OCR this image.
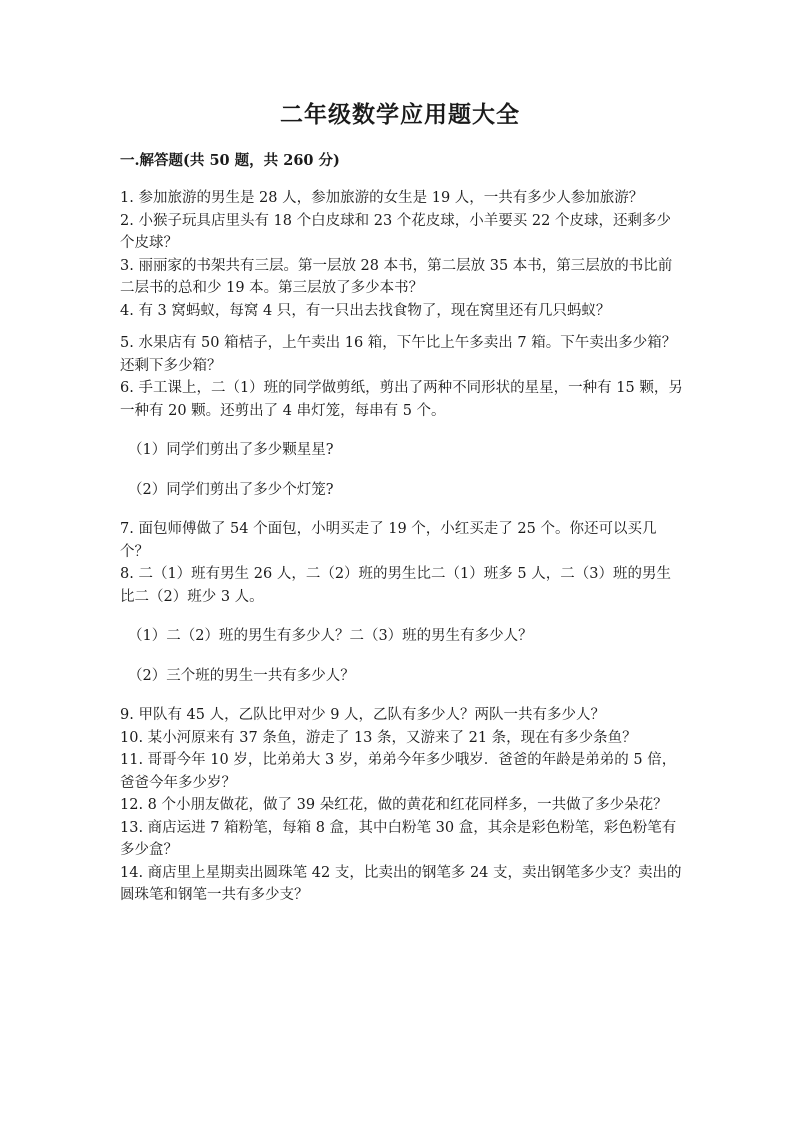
二年级数学应用题大全
一.解答题(共 50 题，共 260 分)

1. 参加旅游的男生是 28 人，参加旅游的女生是 19 人，一共有多少人参加旅游？

2. 小猴子玩具店里头有 18 个白皮球和 23 个花皮球，小羊要买 22 个皮球，还剩多少个皮球？

3. 丽丽家的书架共有三层。第一层放 28 本书，第二层放 35 本书，第三层放的书比前二层书的总和少 19 本。第三层放了多少本书？

4. 有 3 窝蚂蚁，每窝 4 只，有一只出去找食物了，现在窝里还有几只蚂蚁？

5. 水果店有 50 箱桔子，上午卖出 16 箱，下午比上午多卖出 7 箱。下午卖出多少箱？还剩下多少箱？

6. 手工课上，二（1）班的同学做剪纸，剪出了两种不同形状的星星，一种有 15 颗，另一种有 20 颗。还剪出了 4 串灯笼，每串有 5 个。

（1）同学们剪出了多少颗星星?

（2）同学们剪出了多少个灯笼?

7. 面包师傅做了 54 个面包，小明买走了 19 个，小红买走了 25 个。你还可以买几个？

8. 二（1）班有男生 26 人，二（2）班的男生比二（1）班多 5 人，二（3）班的男生比二（2）班少 3 人。

（1）二（2）班的男生有多少人？二（3）班的男生有多少人？

（2）三个班的男生一共有多少人？

9. 甲队有 45 人，乙队比甲对少 9 人，乙队有多少人？两队一共有多少人？

10. 某小河原来有 37 条鱼，游走了 13 条，又游来了 21 条，现在有多少条鱼？

11. 哥哥今年 10 岁，比弟弟大 3 岁，弟弟今年多少哦岁．爸爸的年龄是弟弟的 5 倍，爸爸今年多少岁？

12. 8 个小朋友做花，做了 39 朵红花，做的黄花和红花同样多，一共做了多少朵花？

13. 商店运进 7 箱粉笔，每箱 8 盒，其中白粉笔 30 盒，其余是彩色粉笔，彩色粉笔有多少盒？

14. 商店里上星期卖出圆珠笔 42 支，比卖出的钢笔多 24 支，卖出钢笔多少支？卖出的圆珠笔和钢笔一共有多少支？
